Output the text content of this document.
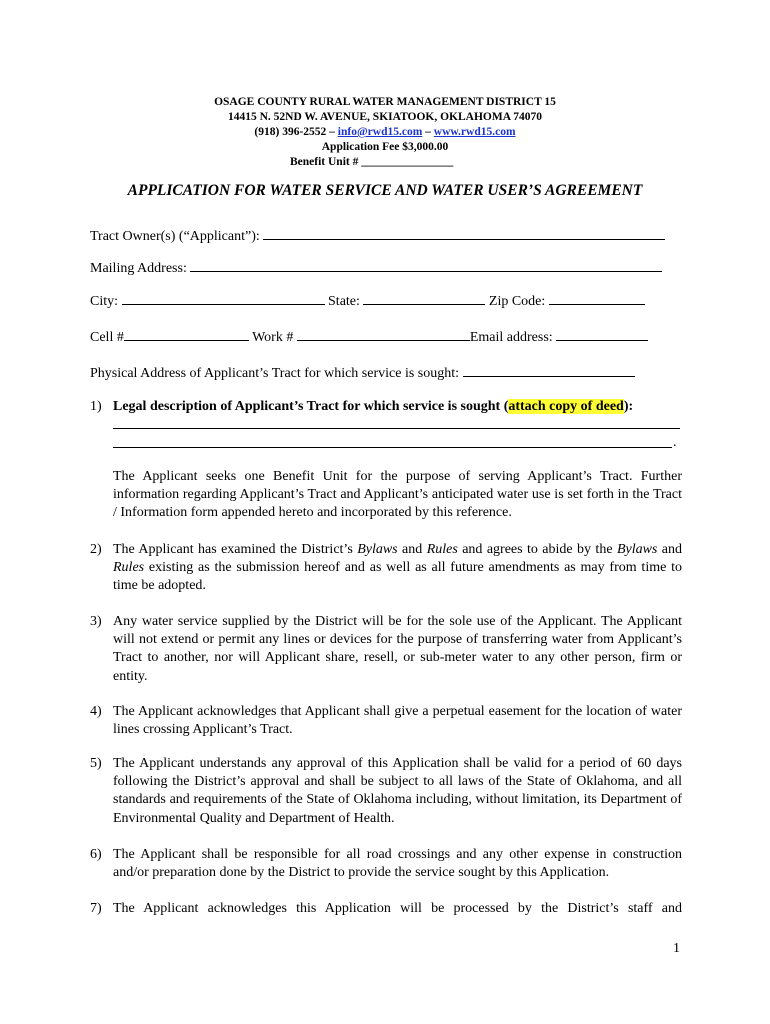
OSAGE COUNTY RURAL WATER MANAGEMENT DISTRICT 15
14415 N. 52ND W. AVENUE, SKIATOOK, OKLAHOMA 74070
(918) 396-2552 – info@rwd15.com – www.rwd15.com
Application Fee $3,000.00
Benefit Unit # ________________
APPLICATION FOR WATER SERVICE AND WATER USER’S AGREEMENT
Tract Owner(s) (“Applicant”):
Mailing Address:
City:	State:	Zip Code:
Cell #	Work #	Email address:
Physical Address of Applicant’s Tract for which service is sought:
1) Legal description of Applicant’s Tract for which service is sought (attach copy of deed):
.
The Applicant seeks one Benefit Unit for the purpose of serving Applicant’s Tract. Further information regarding Applicant’s Tract and Applicant’s anticipated water use is set forth in the Tract / Information form appended hereto and incorporated by this reference.
2) The Applicant has examined the District’s Bylaws and Rules and agrees to abide by the Bylaws and Rules existing as the submission hereof and as well as all future amendments as may from time to time be adopted.
3) Any water service supplied by the District will be for the sole use of the Applicant. The Applicant will not extend or permit any lines or devices for the purpose of transferring water from Applicant’s Tract to another, nor will Applicant share, resell, or sub-meter water to any other person, firm or entity.
4) The Applicant acknowledges that Applicant shall give a perpetual easement for the location of water lines crossing Applicant’s Tract.
5) The Applicant understands any approval of this Application shall be valid for a period of 60 days following the District’s approval and shall be subject to all laws of the State of Oklahoma, and all standards and requirements of the State of Oklahoma including, without limitation, its Department of Environmental Quality and Department of Health.
6) The Applicant shall be responsible for all road crossings and any other expense in construction and/or preparation done by the District to provide the service sought by this Application.
7) The Applicant acknowledges this Application will be processed by the District’s staff and
1
